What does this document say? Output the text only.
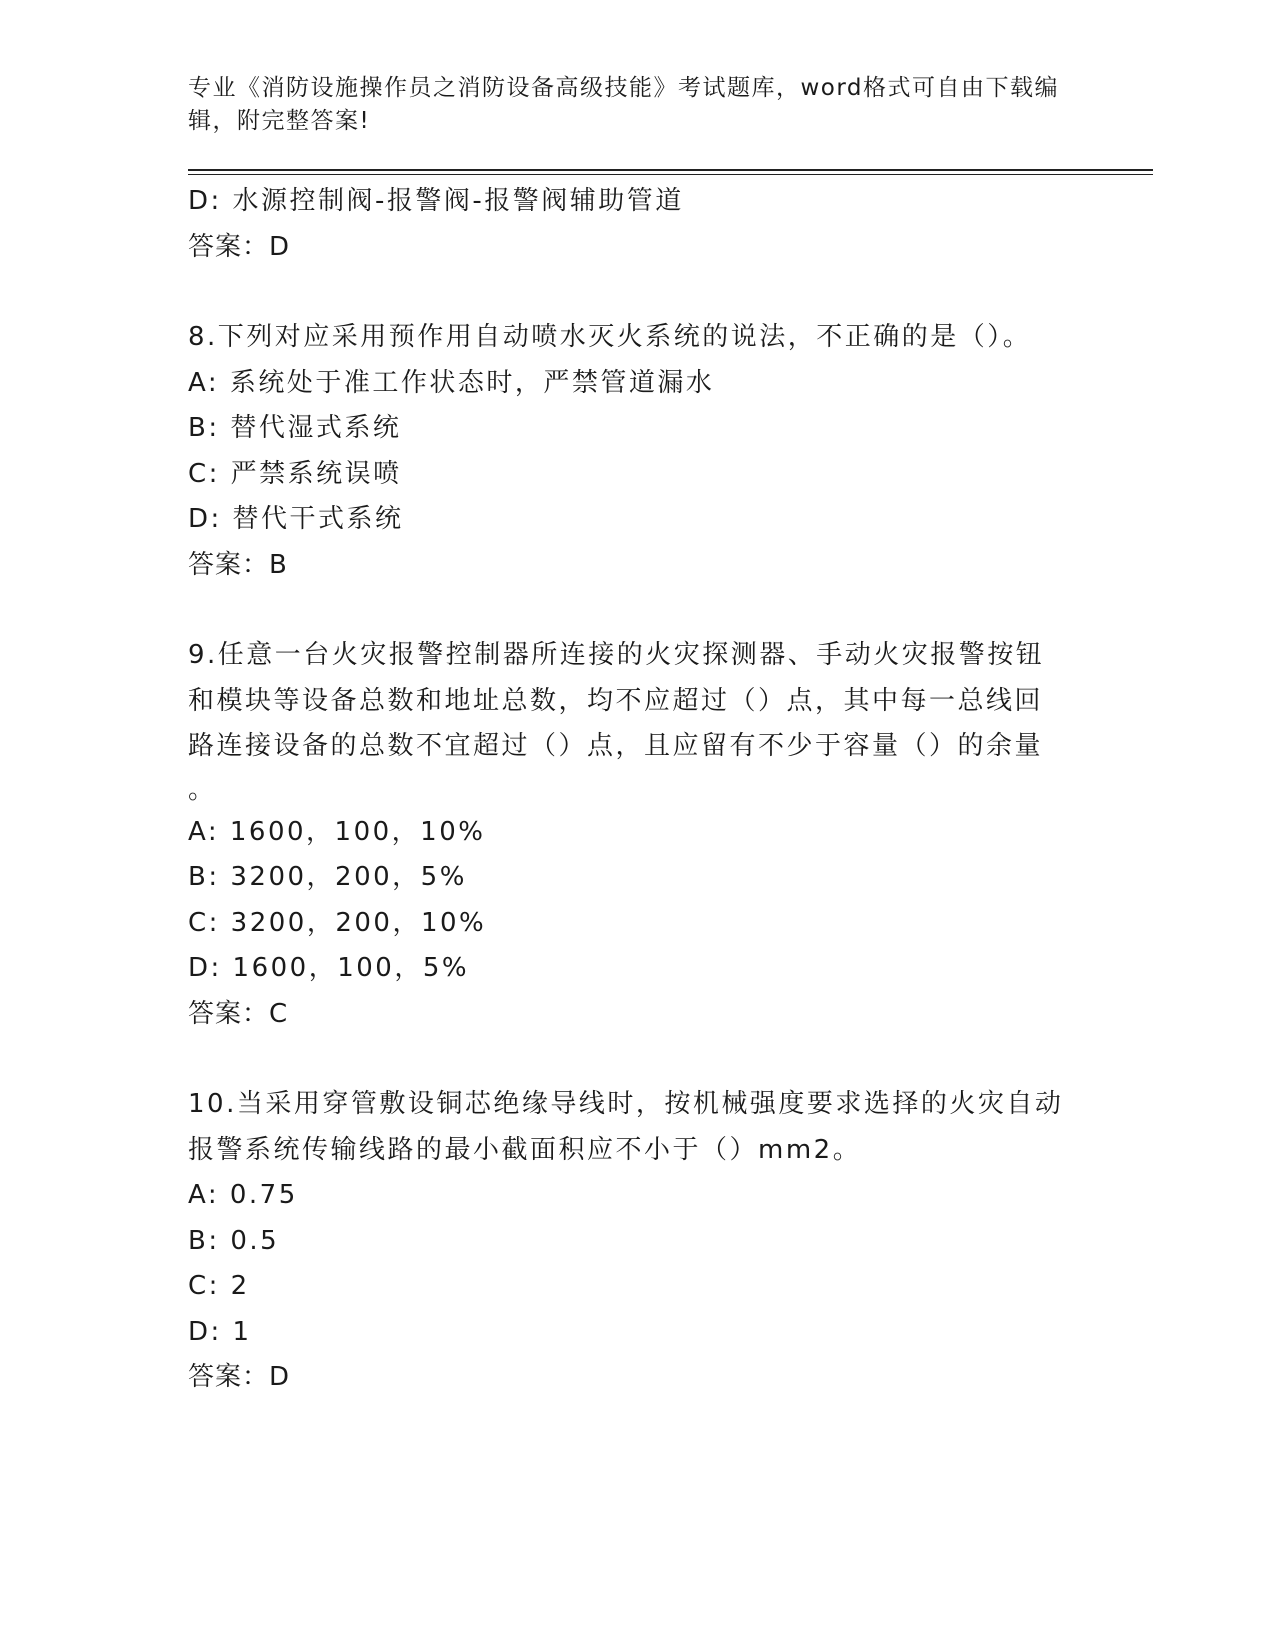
专业《消防设施操作员之消防设备高级技能》考试题库，word格式可自由下载编辑，附完整答案!

D: 水源控制阀-报警阀-报警阀辅助管道

答案：D

8.下列对应采用预作用自动喷水灭火系统的说法，不正确的是（）。

A: 系统处于准工作状态时，严禁管道漏水

B: 替代湿式系统

C: 严禁系统误喷

D: 替代干式系统

答案：B

9.任意一台火灾报警控制器所连接的火灾探测器、手动火灾报警按钮

和模块等设备总数和地址总数，均不应超过（）点，其中每一总线回

路连接设备的总数不宜超过（）点，且应留有不少于容量（）的余量

。

A: 1600，100，10%

B: 3200，200，5%

C: 3200，200，10%

D: 1600，100，5%

答案：C

10.当采用穿管敷设铜芯绝缘导线时，按机械强度要求选择的火灾自动

报警系统传输线路的最小截面积应不小于（）mm2。

A: 0.75

B: 0.5

C: 2

D: 1

答案：D
